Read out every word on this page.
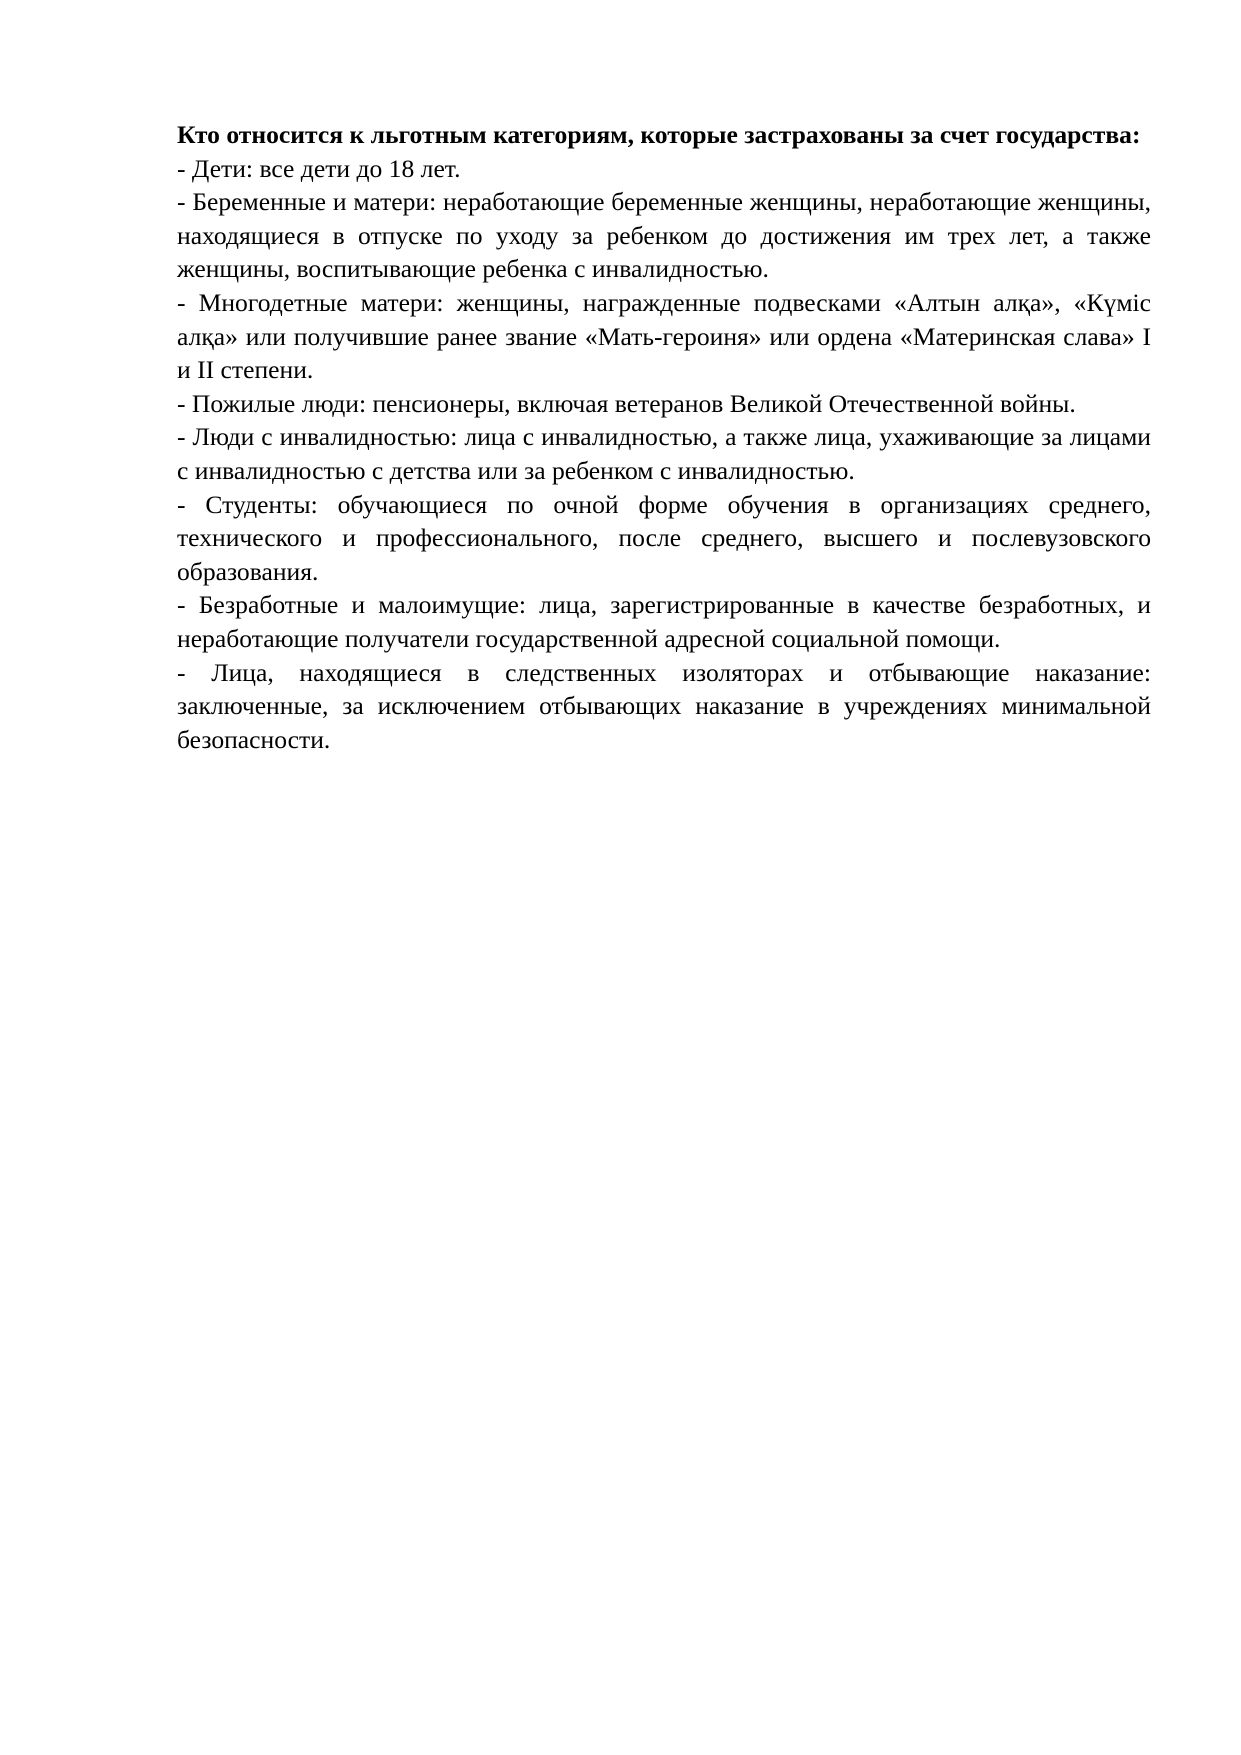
Кто относится к льготным категориям, которые застрахованы за счет государства:

- Дети: все дети до 18 лет.

- Беременные и матери: неработающие беременные женщины, неработающие женщины, находящиеся в отпуске по уходу за ребенком до достижения им трех лет, а также женщины, воспитывающие ребенка с инвалидностью.

- Многодетные матери: женщины, награжденные подвесками «Алтын алқа», «Күміс алқа» или получившие ранее звание «Мать-героиня» или ордена «Материнская слава» I и II степени.

- Пожилые люди: пенсионеры, включая ветеранов Великой Отечественной войны.

- Люди с инвалидностью: лица с инвалидностью, а также лица, ухаживающие за лицами с инвалидностью с детства или за ребенком с инвалидностью.

- Студенты: обучающиеся по очной форме обучения в организациях среднего, технического и профессионального, после среднего, высшего и послевузовского образования.

- Безработные и малоимущие: лица, зарегистрированные в качестве безработных, и неработающие получатели государственной адресной социальной помощи.

- Лица, находящиеся в следственных изоляторах и отбывающие наказание: заключенные, за исключением отбывающих наказание в учреждениях минимальной безопасности.
